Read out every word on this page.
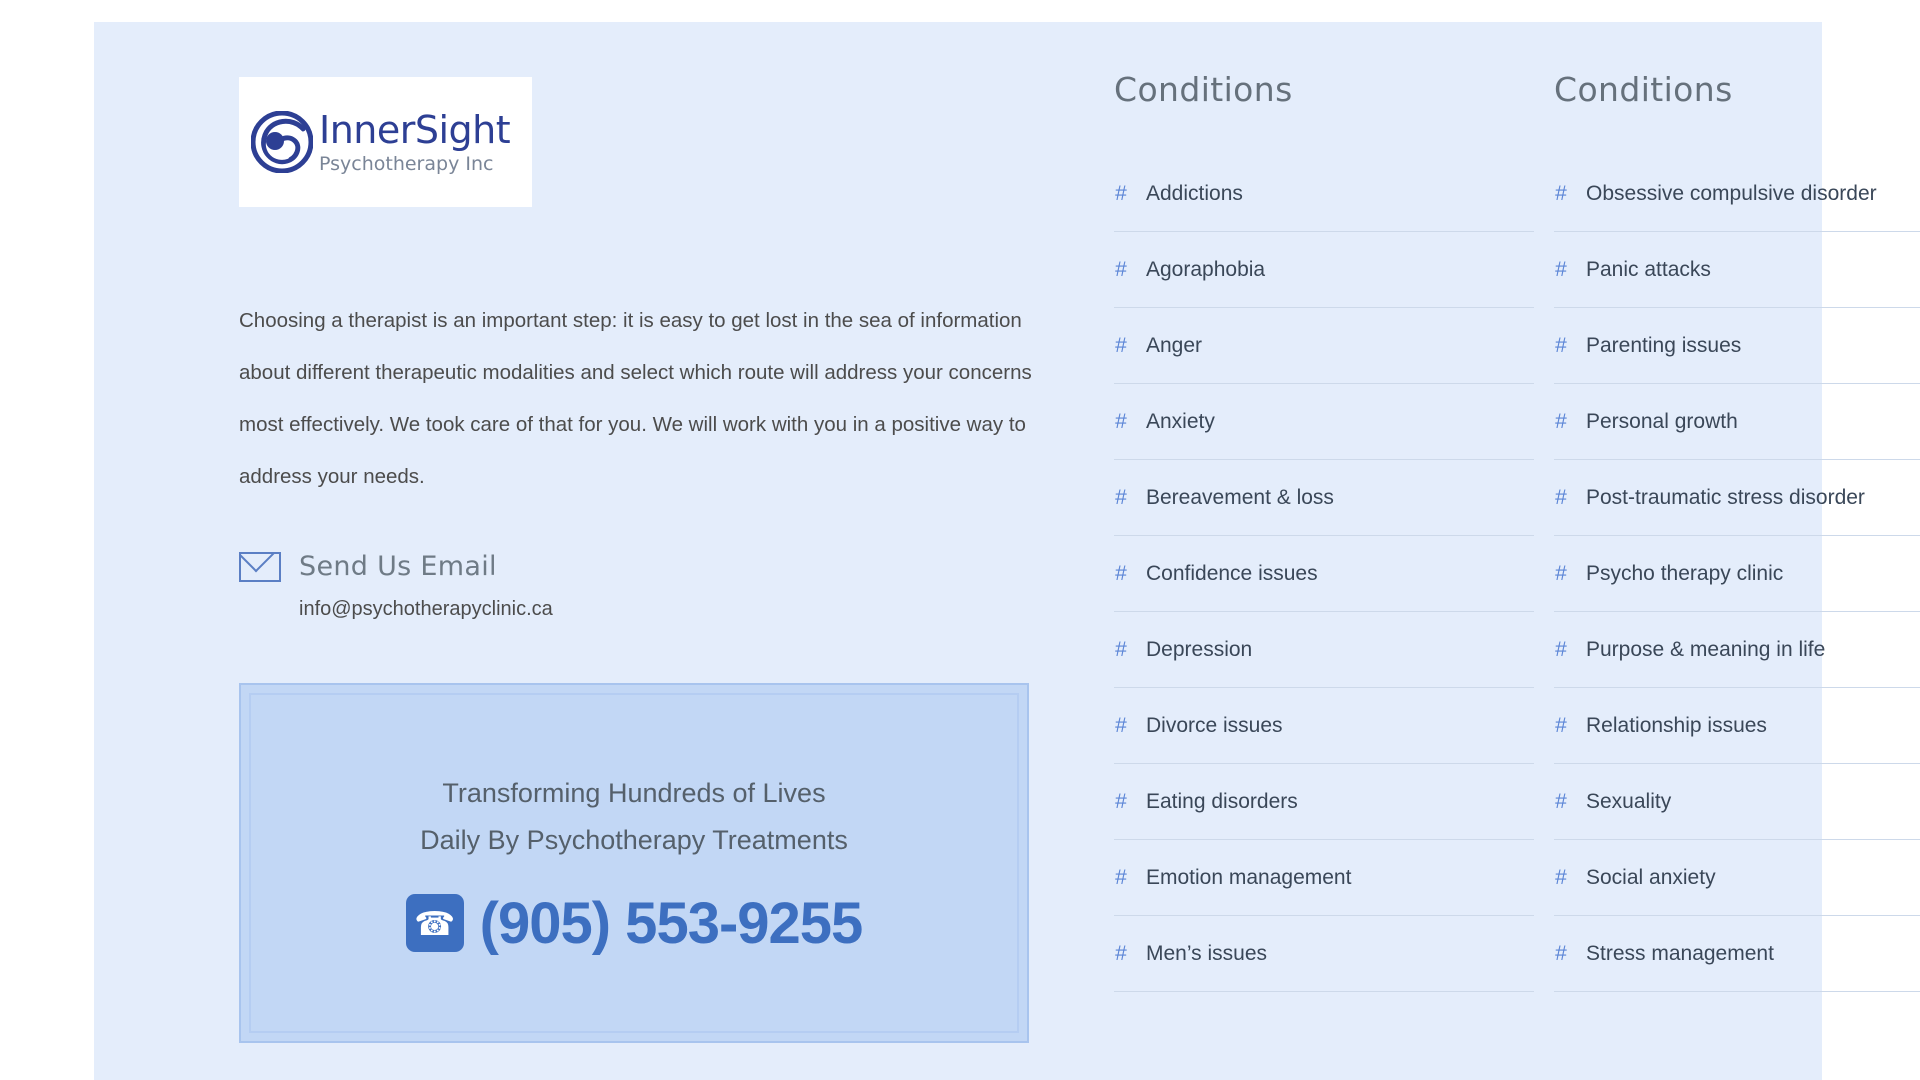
InnerSight
Psychotherapy Inc
Choosing a therapist is an important step: it is easy to get lost in the sea of information about different therapeutic modalities and select which route will address your concerns most effectively. We took care of that for you. We will work with you in a positive way to address your needs.
Send Us Email
info@psychotherapyclinic.ca
Transforming Hundreds of Lives
Daily By Psychotherapy Treatments
☎ (905) 553-9255
Conditions
# Addictions
# Agoraphobia
# Anger
# Anxiety
# Bereavement & loss
# Confidence issues
# Depression
# Divorce issues
# Eating disorders
# Emotion management
# Men’s issues
Conditions
# Obsessive compulsive disorder
# Panic attacks
# Parenting issues
# Personal growth
# Post-traumatic stress disorder
# Psycho therapy clinic
# Purpose & meaning in life
# Relationship issues
# Sexuality
# Social anxiety
# Stress management
